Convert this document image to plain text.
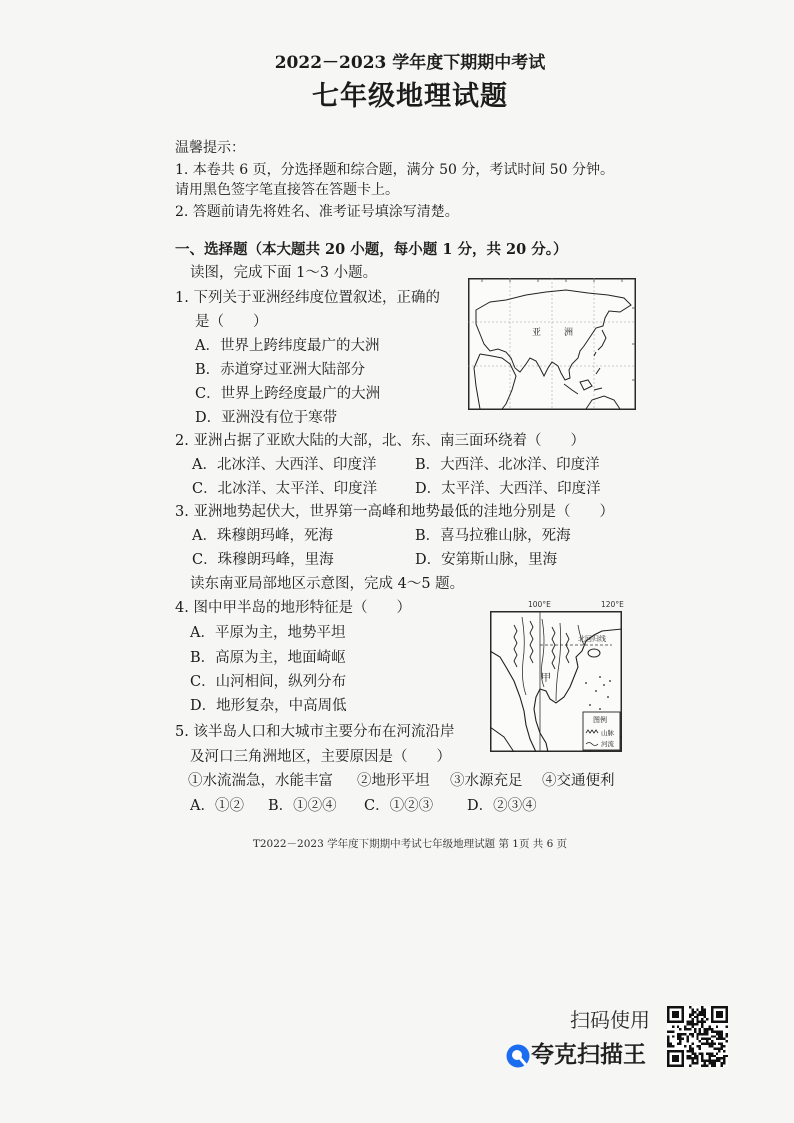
2022－2023 学年度下期期中考试
七年级地理试题
温馨提示：
1. 本卷共 6 页，分选择题和综合题，满分 50 分，考试时间 50 分钟。
请用黑色签字笔直接答在答题卡上。
2. 答题前请先将姓名、准考证号填涂写清楚。
一、选择题（本大题共 20 小题，每小题 1 分，共 20 分。）
读图，完成下面 1～3 小题。
1. 下列关于亚洲经纬度位置叙述，正确的
是（　　）
A．世界上跨纬度最广的大洲
B．赤道穿过亚洲大陆部分
C．世界上跨经度最广的大洲
D．亚洲没有位于寒带
亚	洲
2. 亚洲占据了亚欧大陆的大部，北、东、南三面环绕着（　　）
A．北冰洋、大西洋、印度洋	B．大西洋、北冰洋、印度洋
C．北冰洋、太平洋、印度洋	D．太平洋、大西洋、印度洋
3. 亚洲地势起伏大，世界第一高峰和地势最低的洼地分别是（　　）
A．珠穆朗玛峰，死海	B．喜马拉雅山脉，死海
C．珠穆朗玛峰，里海	D．安第斯山脉，里海
读东南亚局部地区示意图，完成 4～5 题。
4. 图中甲半岛的地形特征是（　　）
A．平原为主，地势平坦
B．高原为主，地面崎岖
C．山河相间，纵列分布
D．地形复杂，中高周低
100°E	120°E
北回归线
甲
图例
山脉
河流
5. 该半岛人口和大城市主要分布在河流沿岸
及河口三角洲地区，主要原因是（　　）
①水流湍急，水能丰富 ②地形平坦 ③水源充足 ④交通便利
A．①② B．①②④ C．①②③ D．②③④
T2022－2023 学年度下期期中考试七年级地理试题 第 1页 共 6 页
扫码使用
夸克扫描王
